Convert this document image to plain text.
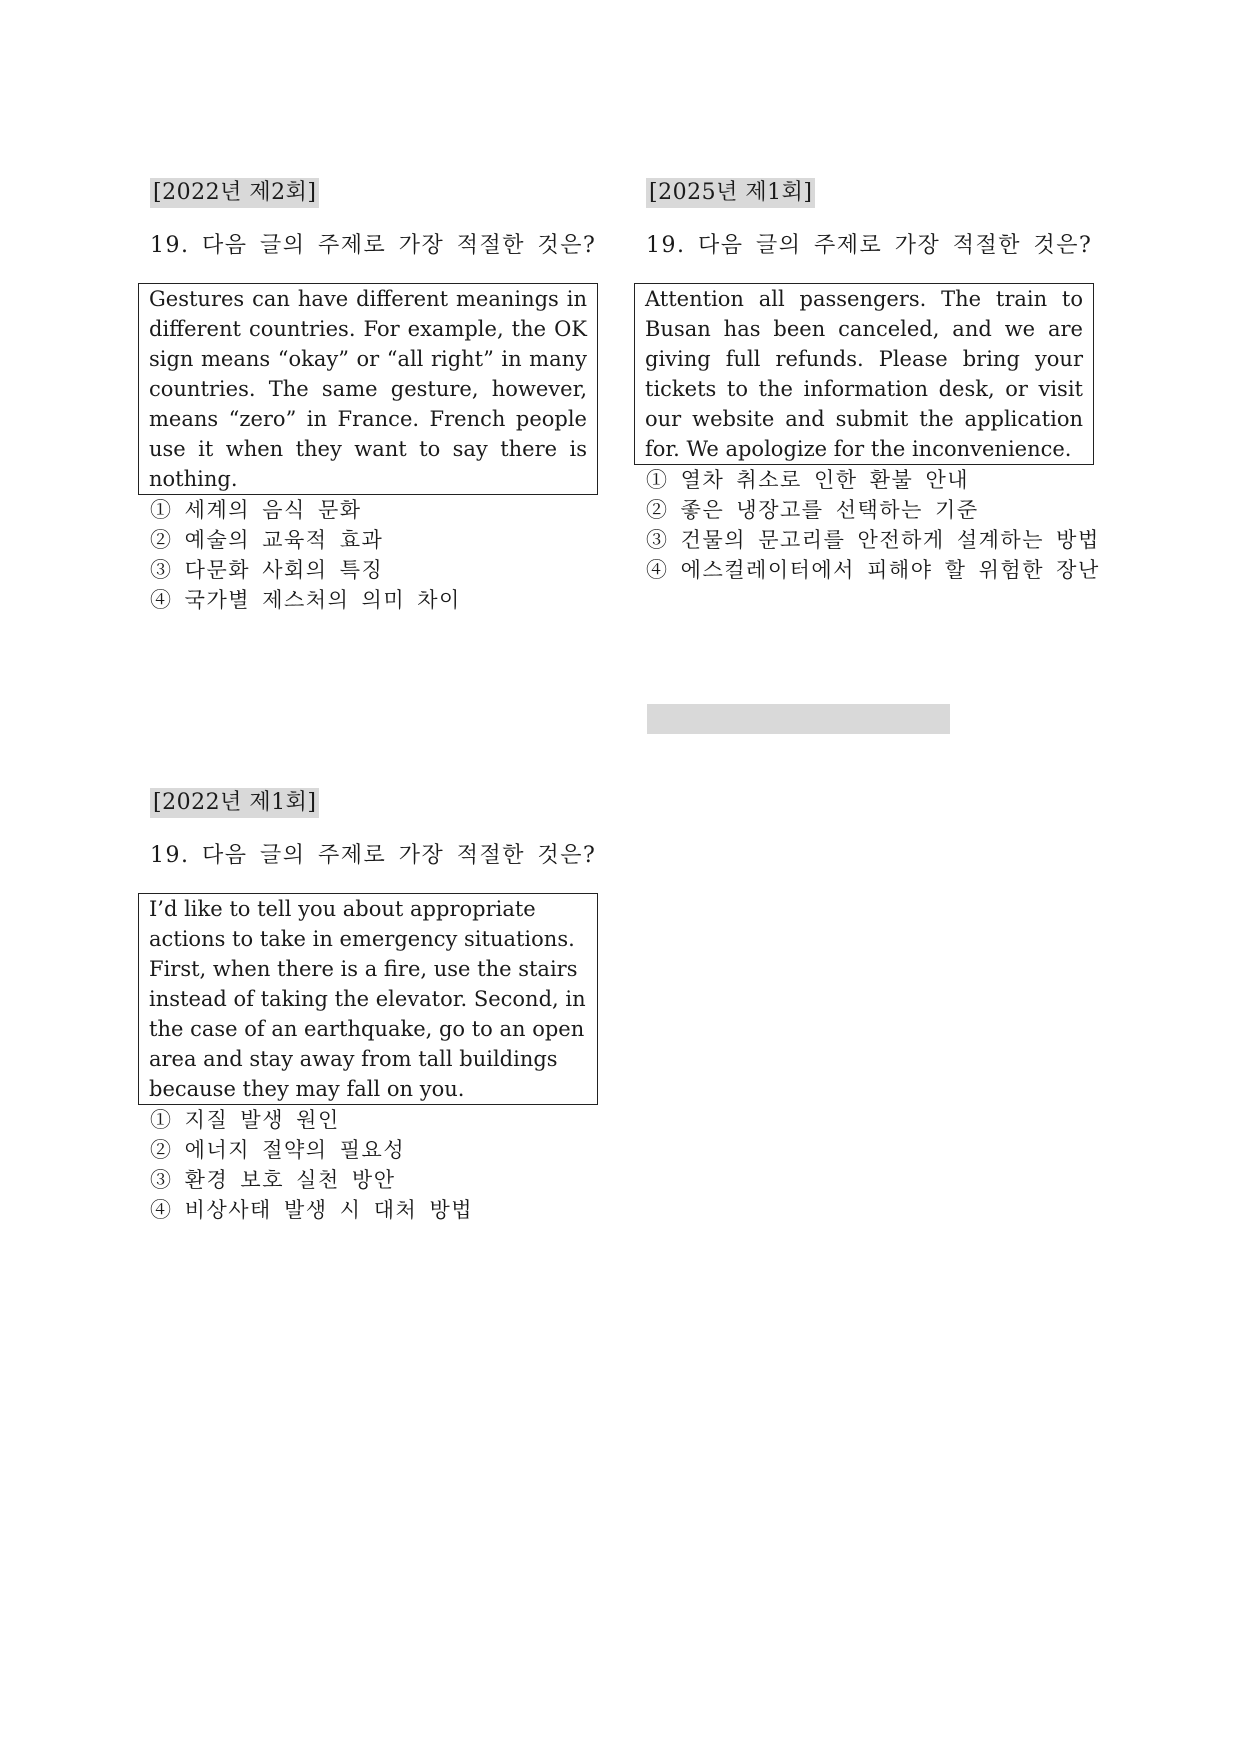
[2022년 제2회]
19. 다음 글의 주제로 가장 적절한 것은?
Gestures can have different meanings in different countries. For example, the OK sign means “okay” or “all right” in many countries. The same gesture, however, means “zero” in France. French people use it when they want to say there is nothing.
① 세계의 음식 문화
② 예술의 교육적 효과
③ 다문화 사회의 특징
④ 국가별 제스처의 의미 차이
[2025년 제1회]
19. 다음 글의 주제로 가장 적절한 것은?
Attention all passengers. The train to Busan has been canceled, and we are giving full refunds. Please bring your tickets to the information desk, or visit our website and submit the application for. We apologize for the inconvenience.
① 열차 취소로 인한 환불 안내
② 좋은 냉장고를 선택하는 기준
③ 건물의 문고리를 안전하게 설계하는 방법
④ 에스컬레이터에서 피해야 할 위험한 장난
[2022년 제1회]
19. 다음 글의 주제로 가장 적절한 것은?
I’d like to tell you about appropriate actions to take in emergency situations. First, when there is a fire, use the stairs instead of taking the elevator. Second, in the case of an earthquake, go to an open area and stay away from tall buildings because they may fall on you.
① 지질 발생 원인
② 에너지 절약의 필요성
③ 환경 보호 실천 방안
④ 비상사태 발생 시 대처 방법
